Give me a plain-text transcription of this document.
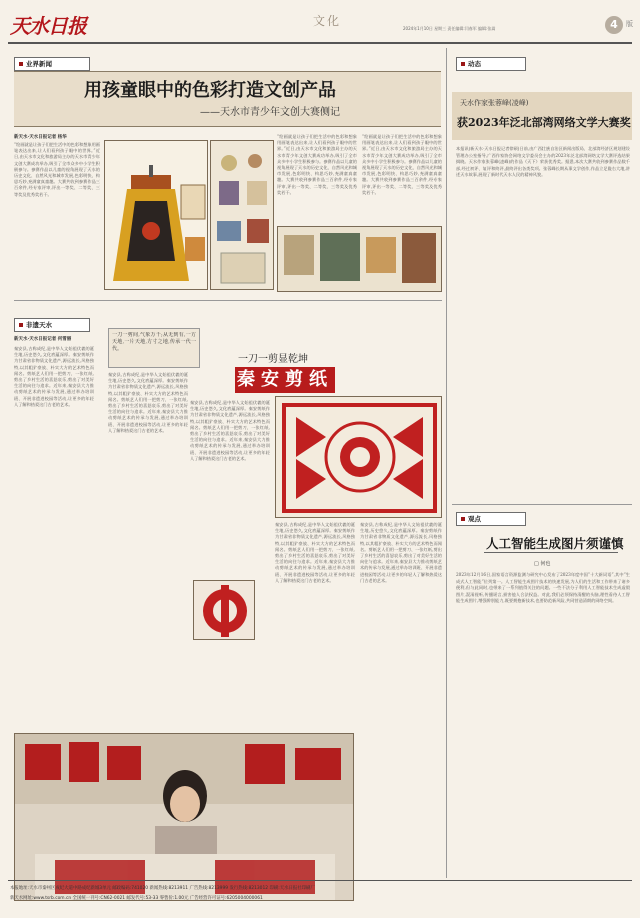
天水日报	文化
2024年1月10日 星期三 责任编辑:闫春军 编辑:张嵩	4	版
业界新闻
用孩童眼中的色彩打造文创产品
——天水市青少年文创大赛侧记
新天水·天水日报记者 杨华
“绘画就是让孩子们把生活中的色彩和想象用画笔表达出来,让人们看到孩子眼中的世界。”近日,由天水市文化和旅游局主办的天水市青少年文创大赛成功举办,吸引了全市众多中小学生积极参与。参赛作品以儿童的视角展现了天水的历史文化、自然风光和城市发展,色彩明快、构思巧妙,充满童真童趣。大赛共收到参赛作品三百余件,经专家评审,评出一等奖、二等奖、三等奖及优秀奖若干。
“绘画就是让孩子们把生活中的色彩和想象用画笔表达出来,让人们看到孩子眼中的世界。”近日,由天水市文化和旅游局主办的天水市青少年文创大赛成功举办,吸引了全市众多中小学生积极参与。参赛作品以儿童的视角展现了天水的历史文化、自然风光和城市发展,色彩明快、构思巧妙,充满童真童趣。大赛共收到参赛作品三百余件,经专家评审,评出一等奖、二等奖、三等奖及优秀奖若干。
“绘画就是让孩子们把生活中的色彩和想象用画笔表达出来,让人们看到孩子眼中的世界。”近日,由天水市文化和旅游局主办的天水市青少年文创大赛成功举办,吸引了全市众多中小学生积极参与。参赛作品以儿童的视角展现了天水的历史文化、自然风光和城市发展,色彩明快、构思巧妙,充满童真童趣。大赛共收到参赛作品三百余件,经专家评审,评出一等奖、二等奖、三等奖及优秀奖若干。
非遗天水
新天水·天水日报记者 何雪丽
秦安县,古称成纪,是中华人文始祖伏羲的诞生地,历史悠久,文化底蕴深厚。秦安剪纸作为甘肃省非物质文化遗产,源远流长,风格独特,以其粗犷豪放、朴实大方的艺术特色而闻名。剪纸艺人们用一把剪刀、一张红纸,剪出了乡村生活的喜怒哀乐,剪出了对美好生活的向往与追求。近年来,秦安县大力推动剪纸艺术的传承与发展,通过举办培训班、开展非遗进校园等活动,让更多的年轻人了解和热爱这门古老的艺术。
一刀一剪间,气象万千;从无到有,一方天地,一片天地,方寸之地,传承一代一代。
秦安县,古称成纪,是中华人文始祖伏羲的诞生地,历史悠久,文化底蕴深厚。秦安剪纸作为甘肃省非物质文化遗产,源远流长,风格独特,以其粗犷豪放、朴实大方的艺术特色而闻名。剪纸艺人们用一把剪刀、一张红纸,剪出了乡村生活的喜怒哀乐,剪出了对美好生活的向往与追求。近年来,秦安县大力推动剪纸艺术的传承与发展,通过举办培训班、开展非遗进校园等活动,让更多的年轻人了解和热爱这门古老的艺术。
一刀一剪显乾坤
秦安剪纸
秦安县,古称成纪,是中华人文始祖伏羲的诞生地,历史悠久,文化底蕴深厚。秦安剪纸作为甘肃省非物质文化遗产,源远流长,风格独特,以其粗犷豪放、朴实大方的艺术特色而闻名。剪纸艺人们用一把剪刀、一张红纸,剪出了乡村生活的喜怒哀乐,剪出了对美好生活的向往与追求。近年来,秦安县大力推动剪纸艺术的传承与发展,通过举办培训班、开展非遗进校园等活动,让更多的年轻人了解和热爱这门古老的艺术。
秦安县,古称成纪,是中华人文始祖伏羲的诞生地,历史悠久,文化底蕴深厚。秦安剪纸作为甘肃省非物质文化遗产,源远流长,风格独特,以其粗犷豪放、朴实大方的艺术特色而闻名。剪纸艺人们用一把剪刀、一张红纸,剪出了乡村生活的喜怒哀乐,剪出了对美好生活的向往与追求。近年来,秦安县大力推动剪纸艺术的传承与发展,通过举办培训班、开展非遗进校园等活动,让更多的年轻人了解和热爱这门古老的艺术。
秦安县,古称成纪,是中华人文始祖伏羲的诞生地,历史悠久,文化底蕴深厚。秦安剪纸作为甘肃省非物质文化遗产,源远流长,风格独特,以其粗犷豪放、朴实大方的艺术特色而闻名。剪纸艺人们用一把剪刀、一张红纸,剪出了乡村生活的喜怒哀乐,剪出了对美好生活的向往与追求。近年来,秦安县大力推动剪纸艺术的传承与发展,通过举办培训班、开展非遗进校园等活动,让更多的年轻人了解和热爱这门古老的艺术。
动态
天水作家张蓉峰(凌峰)
获2023年泛北部湾网络文学大赛奖
本报讯(新天水·天水日报记者徐硕)日前,由广西壮族自治区新闻出版局、北部湾经济区规划建设管理办公室指导,广西作家协会网络文学委员会主办的2023年泛北部湾网络文学大赛评选结果揭晓。天水作家张蓉峰(凌峰)的作品《天下》荣获优秀奖。据悉,本次大赛共收到参赛作品数千部,经过初评、复评和终评,最终评出各类奖项。张蓉峰长期从事文学创作,作品立足陇右大地,讲述天水故事,展现了新时代天水人民的精神风貌。
观点
人工智能生成图片须谨慎
□ 何也
2023年12月16日,国家语言资源监测与研究中心发布了2023年度中国“十大新词语”,其中“生成式人工智能”位列第一。人工智能生成图片技术的快速发展,为人们的生活和工作带来了诸多便利,但与此同时,也带来了一系列值得关注的问题。一些不法分子利用人工智能技术生成虚假图片,混淆视听,传播谣言,损害他人合法权益。对此,我们必须保持清醒的头脑,理性看待人工智能生成图片,增强辨别能力,既要拥抱新技术,也要防范新风险,共同营造清朗的网络空间。
本报地址:天水市秦州区成纪大道中路成纪新城3单元 邮政编码:741020 新闻热线:8213911 广告热线:8213999 发行热线:8213012 印刷:天水日报社印刷厂
新天水网址:www.tsrb.com.cn 全国统一刊号:CN62-0021 邮发代号:53-33 零售价:1.00元 广告经营许可证号:6205004000061
